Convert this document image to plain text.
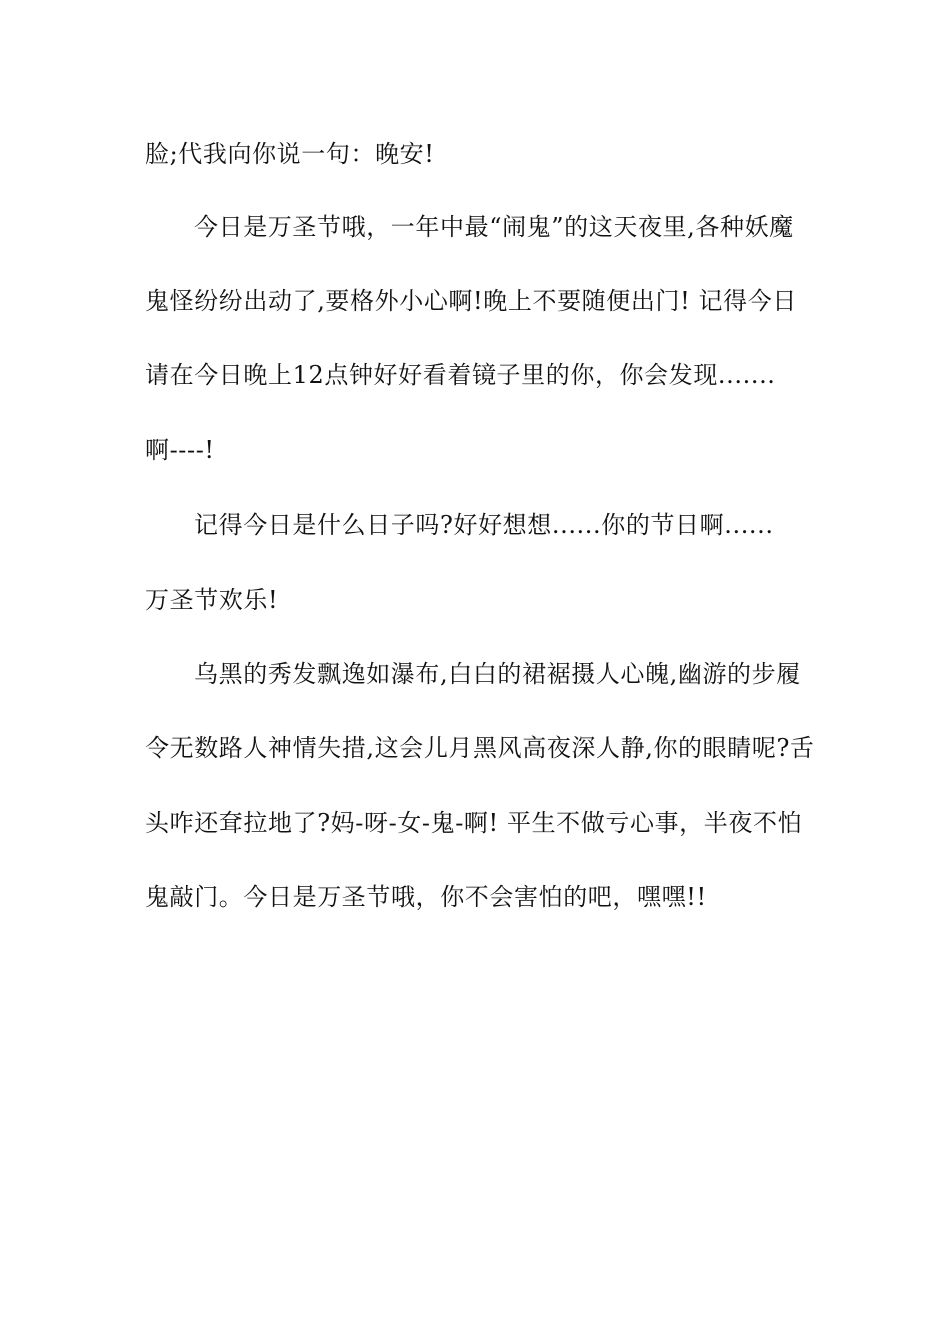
脸;代我向你说一句：晚安!
今日是万圣节哦，一年中最“闹鬼”的这天夜里,各种妖魔
鬼怪纷纷出动了,要格外小心啊!晚上不要随便出门! 记得今日
请在今日晚上12点钟好好看着镜子里的你，你会发现.......
啊----!
记得今日是什么日子吗?好好想想......你的节日啊......
万圣节欢乐!
乌黑的秀发飘逸如瀑布,白白的裙裾摄人心魄,幽游的步履
令无数路人神情失措,这会儿月黑风高夜深人静,你的眼睛呢?舌
头咋还耷拉地了?妈-呀-女-鬼-啊! 平生不做亏心事，半夜不怕
鬼敲门。今日是万圣节哦，你不会害怕的吧，嘿嘿!!
